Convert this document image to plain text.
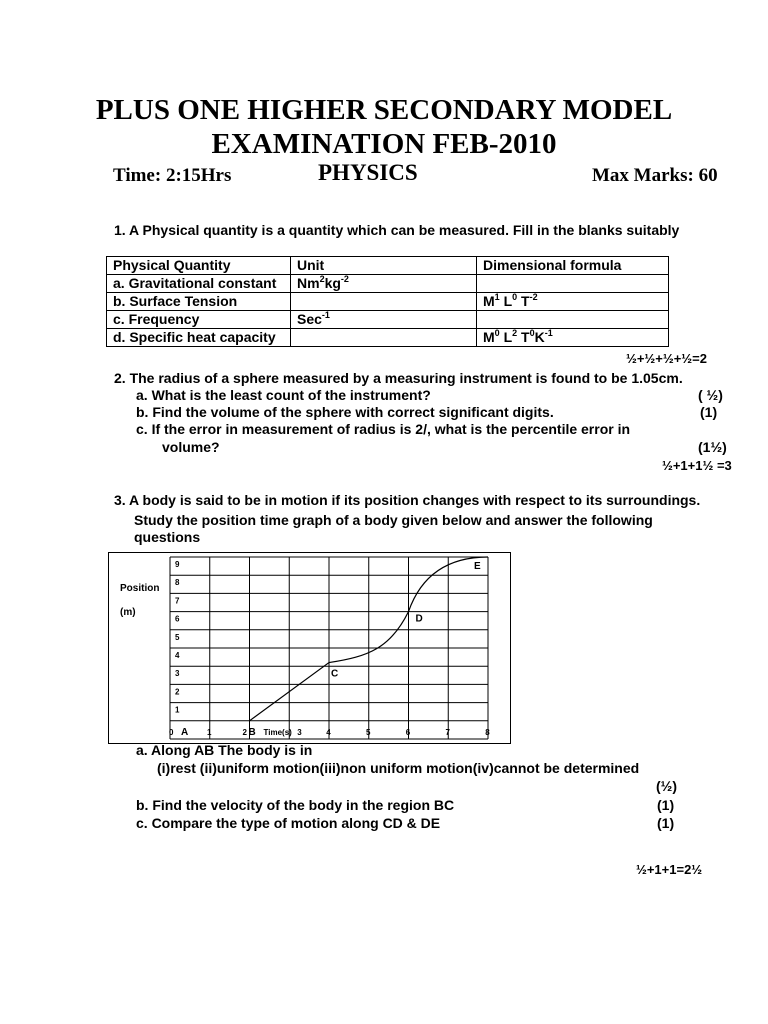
PLUS ONE HIGHER SECONDARY MODEL
EXAMINATION FEB-2010
Time: 2:15Hrs	PHYSICS	Max Marks: 60
1. A Physical quantity is a quantity which can be measured. Fill in the blanks suitably
Physical Quantity	Unit	Dimensional formula
a. Gravitational constant	$Nm^2kg^{-2}$	
b. Surface Tension		$M^1$ $L^0$ $T^{-2}$
c. Frequency	Sec$^{-1}$	
d. Specific heat capacity		$M^0$ $L^2$ $T^0K^{-1}$
½+½+½+½=2
2. The radius of a sphere measured by a measuring instrument is found to be 1.05cm.
a. What is the least count of the instrument?	( ½)
b. Find the volume of the sphere with correct significant digits.	(1)
c. If the error in measurement of radius is 2/, what is the percentile error in
volume?	(1½)
½+1+1½ =3
3. A body is said to be in motion if its position changes with respect to its surroundings.
Study the position time graph of a body given below and answer the following
questions
Position
(m)
1
2
3
4
5
6
7
8
9
0	1	4	5	6	7	8
2	3
A	B
C
D
E
Time(s)
a. Along AB The body is in
(i)rest (ii)uniform motion(iii)non uniform motion(iv)cannot be determined
(½)
b. Find the velocity of the body in the region BC	(1)
c. Compare the type of motion along CD & DE	(1)
½+1+1=2½
